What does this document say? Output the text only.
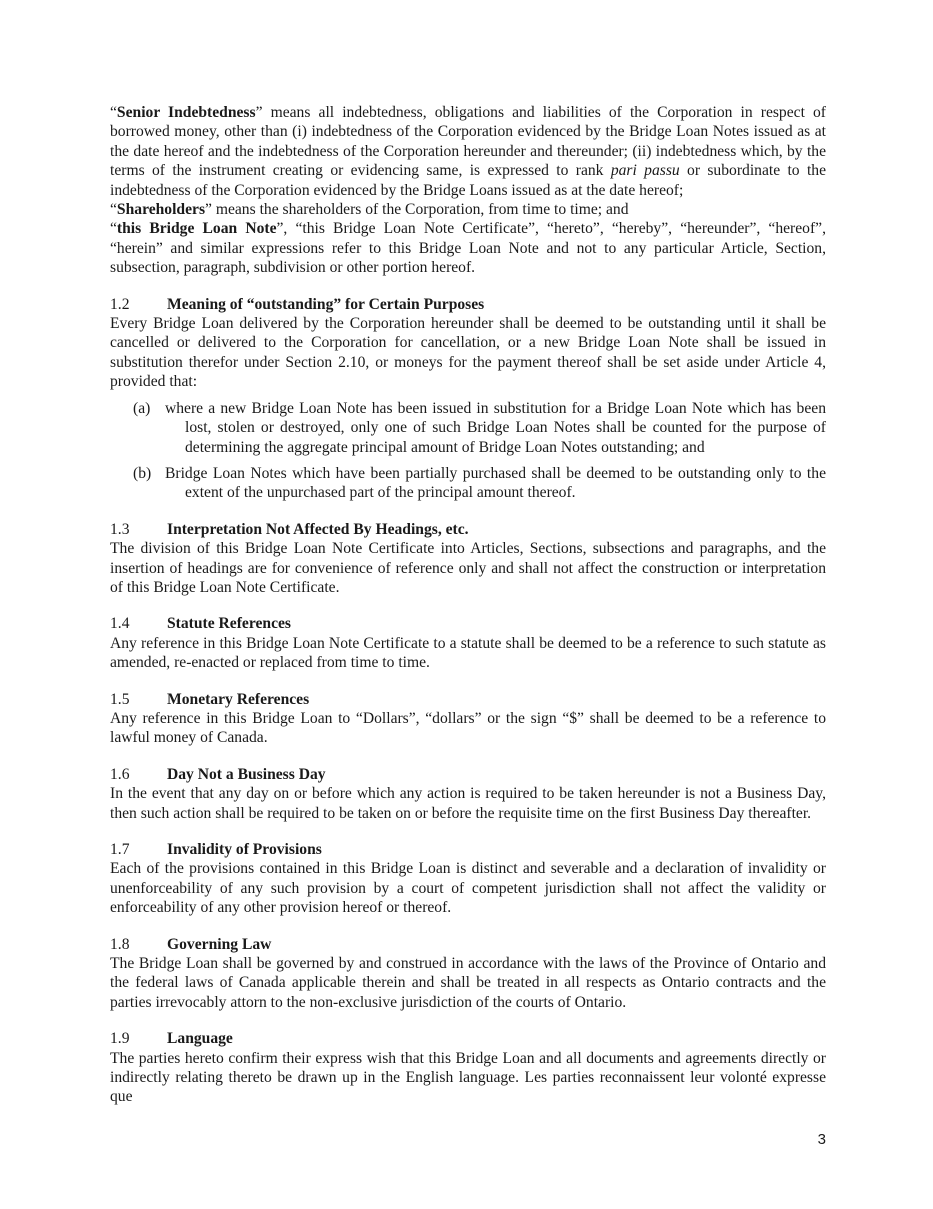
“Senior Indebtedness” means all indebtedness, obligations and liabilities of the Corporation in respect of borrowed money, other than (i) indebtedness of the Corporation evidenced by the Bridge Loan Notes issued as at the date hereof and the indebtedness of the Corporation hereunder and thereunder; (ii) indebtedness which, by the terms of the instrument creating or evidencing same, is expressed to rank pari passu or subordinate to the indebtedness of the Corporation evidenced by the Bridge Loans issued as at the date hereof;
“Shareholders” means the shareholders of the Corporation, from time to time; and
“this Bridge Loan Note”, “this Bridge Loan Note Certificate”, “hereto”, “hereby”, “hereunder”, “hereof”, “herein” and similar expressions refer to this Bridge Loan Note and not to any particular Article, Section, subsection, paragraph, subdivision or other portion hereof.
1.2 Meaning of “outstanding” for Certain Purposes
Every Bridge Loan delivered by the Corporation hereunder shall be deemed to be outstanding until it shall be cancelled or delivered to the Corporation for cancellation, or a new Bridge Loan Note shall be issued in substitution therefor under Section 2.10, or moneys for the payment thereof shall be set aside under Article 4, provided that:
(a) where a new Bridge Loan Note has been issued in substitution for a Bridge Loan Note which has been lost, stolen or destroyed, only one of such Bridge Loan Notes shall be counted for the purpose of determining the aggregate principal amount of Bridge Loan Notes outstanding; and
(b) Bridge Loan Notes which have been partially purchased shall be deemed to be outstanding only to the extent of the unpurchased part of the principal amount thereof.
1.3 Interpretation Not Affected By Headings, etc.
The division of this Bridge Loan Note Certificate into Articles, Sections, subsections and paragraphs, and the insertion of headings are for convenience of reference only and shall not affect the construction or interpretation of this Bridge Loan Note Certificate.
1.4 Statute References
Any reference in this Bridge Loan Note Certificate to a statute shall be deemed to be a reference to such statute as amended, re-enacted or replaced from time to time.
1.5 Monetary References
Any reference in this Bridge Loan to “Dollars”, “dollars” or the sign “$” shall be deemed to be a reference to lawful money of Canada.
1.6 Day Not a Business Day
In the event that any day on or before which any action is required to be taken hereunder is not a Business Day, then such action shall be required to be taken on or before the requisite time on the first Business Day thereafter.
1.7 Invalidity of Provisions
Each of the provisions contained in this Bridge Loan is distinct and severable and a declaration of invalidity or unenforceability of any such provision by a court of competent jurisdiction shall not affect the validity or enforceability of any other provision hereof or thereof.
1.8 Governing Law
The Bridge Loan shall be governed by and construed in accordance with the laws of the Province of Ontario and the federal laws of Canada applicable therein and shall be treated in all respects as Ontario contracts and the parties irrevocably attorn to the non-exclusive jurisdiction of the courts of Ontario.
1.9 Language
The parties hereto confirm their express wish that this Bridge Loan and all documents and agreements directly or indirectly relating thereto be drawn up in the English language. Les parties reconnaissent leur volonté expresse que
3
